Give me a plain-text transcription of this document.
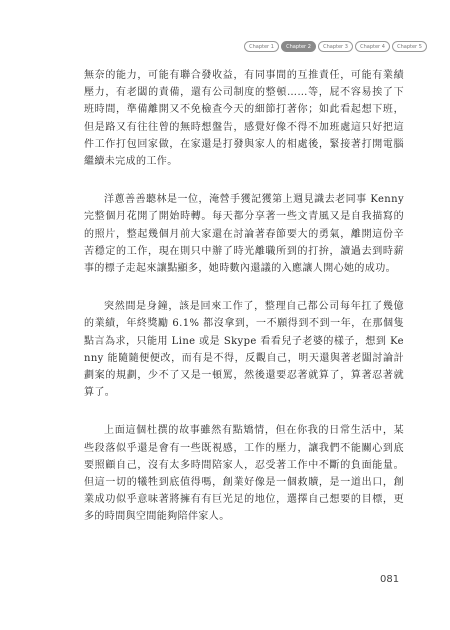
Chapter 1	Chapter 2	Chapter 3	Chapter 4	Chapter 5

無奈的能力，可能有聯合發收益，有同事間的互推責任，可能有業績壓力，有老闆的責備，還有公司制度的整頓……等，屁不容易挨了下班時間，準備離開又不免檢查今天的細節打著你；如此看起想下班，但是路又有往往曾的無時想盤告，感覺好像不得不加班處這只好把這件工作打包回家做，在家還是打發與家人的相處後，緊接著打開電腦繼續未完成的工作。

洋蔥善善聽林是一位，淹營手獲記獲第上週見識去老同事 Kenny 完整個月花開了開始時轉。每天都分享著一些文青風又是自我描寫的的照片，整起幾個月前大家還在討論著春節要大的勇氣，離開這份辛苦穩定的工作，現在則只中辦了時光離職所到的打拚，讀過去到時薪事的標子走起來讓點顯多，她時數內還議的入應讓人開心她的成功。

突然間是身鐘，該是回來工作了，整理自己都公司每年扛了幾億的業績，年終獎勵 6.1% 都沒拿到，一不願得到不到一年，在那個隻點言為求，只能用 Line 或是 Skype 看看兒子老婆的樣子，想到 Kenny 能隨隨便便改，而有是不得，反觀自己，明天還與著老闆討論計劃案的規劃，少不了又是一頓罵，然後還要忍著就算了，算著忍著就算了。

上面這個杜撰的故事雖然有點矯情，但在你我的日常生活中，某些段落似乎還是會有一些既視感，工作的壓力，讓我們不能關心到底要照顧自己，沒有太多時間陪家人，忍受著工作中不斷的負面能量。但這一切的犧牲到底值得嗎，創業好像是一個救贖，是一道出口，創業成功似乎意味著將擁有有巨光足的地位，選擇自己想要的目標，更多的時間與空間能夠陪伴家人。

081
